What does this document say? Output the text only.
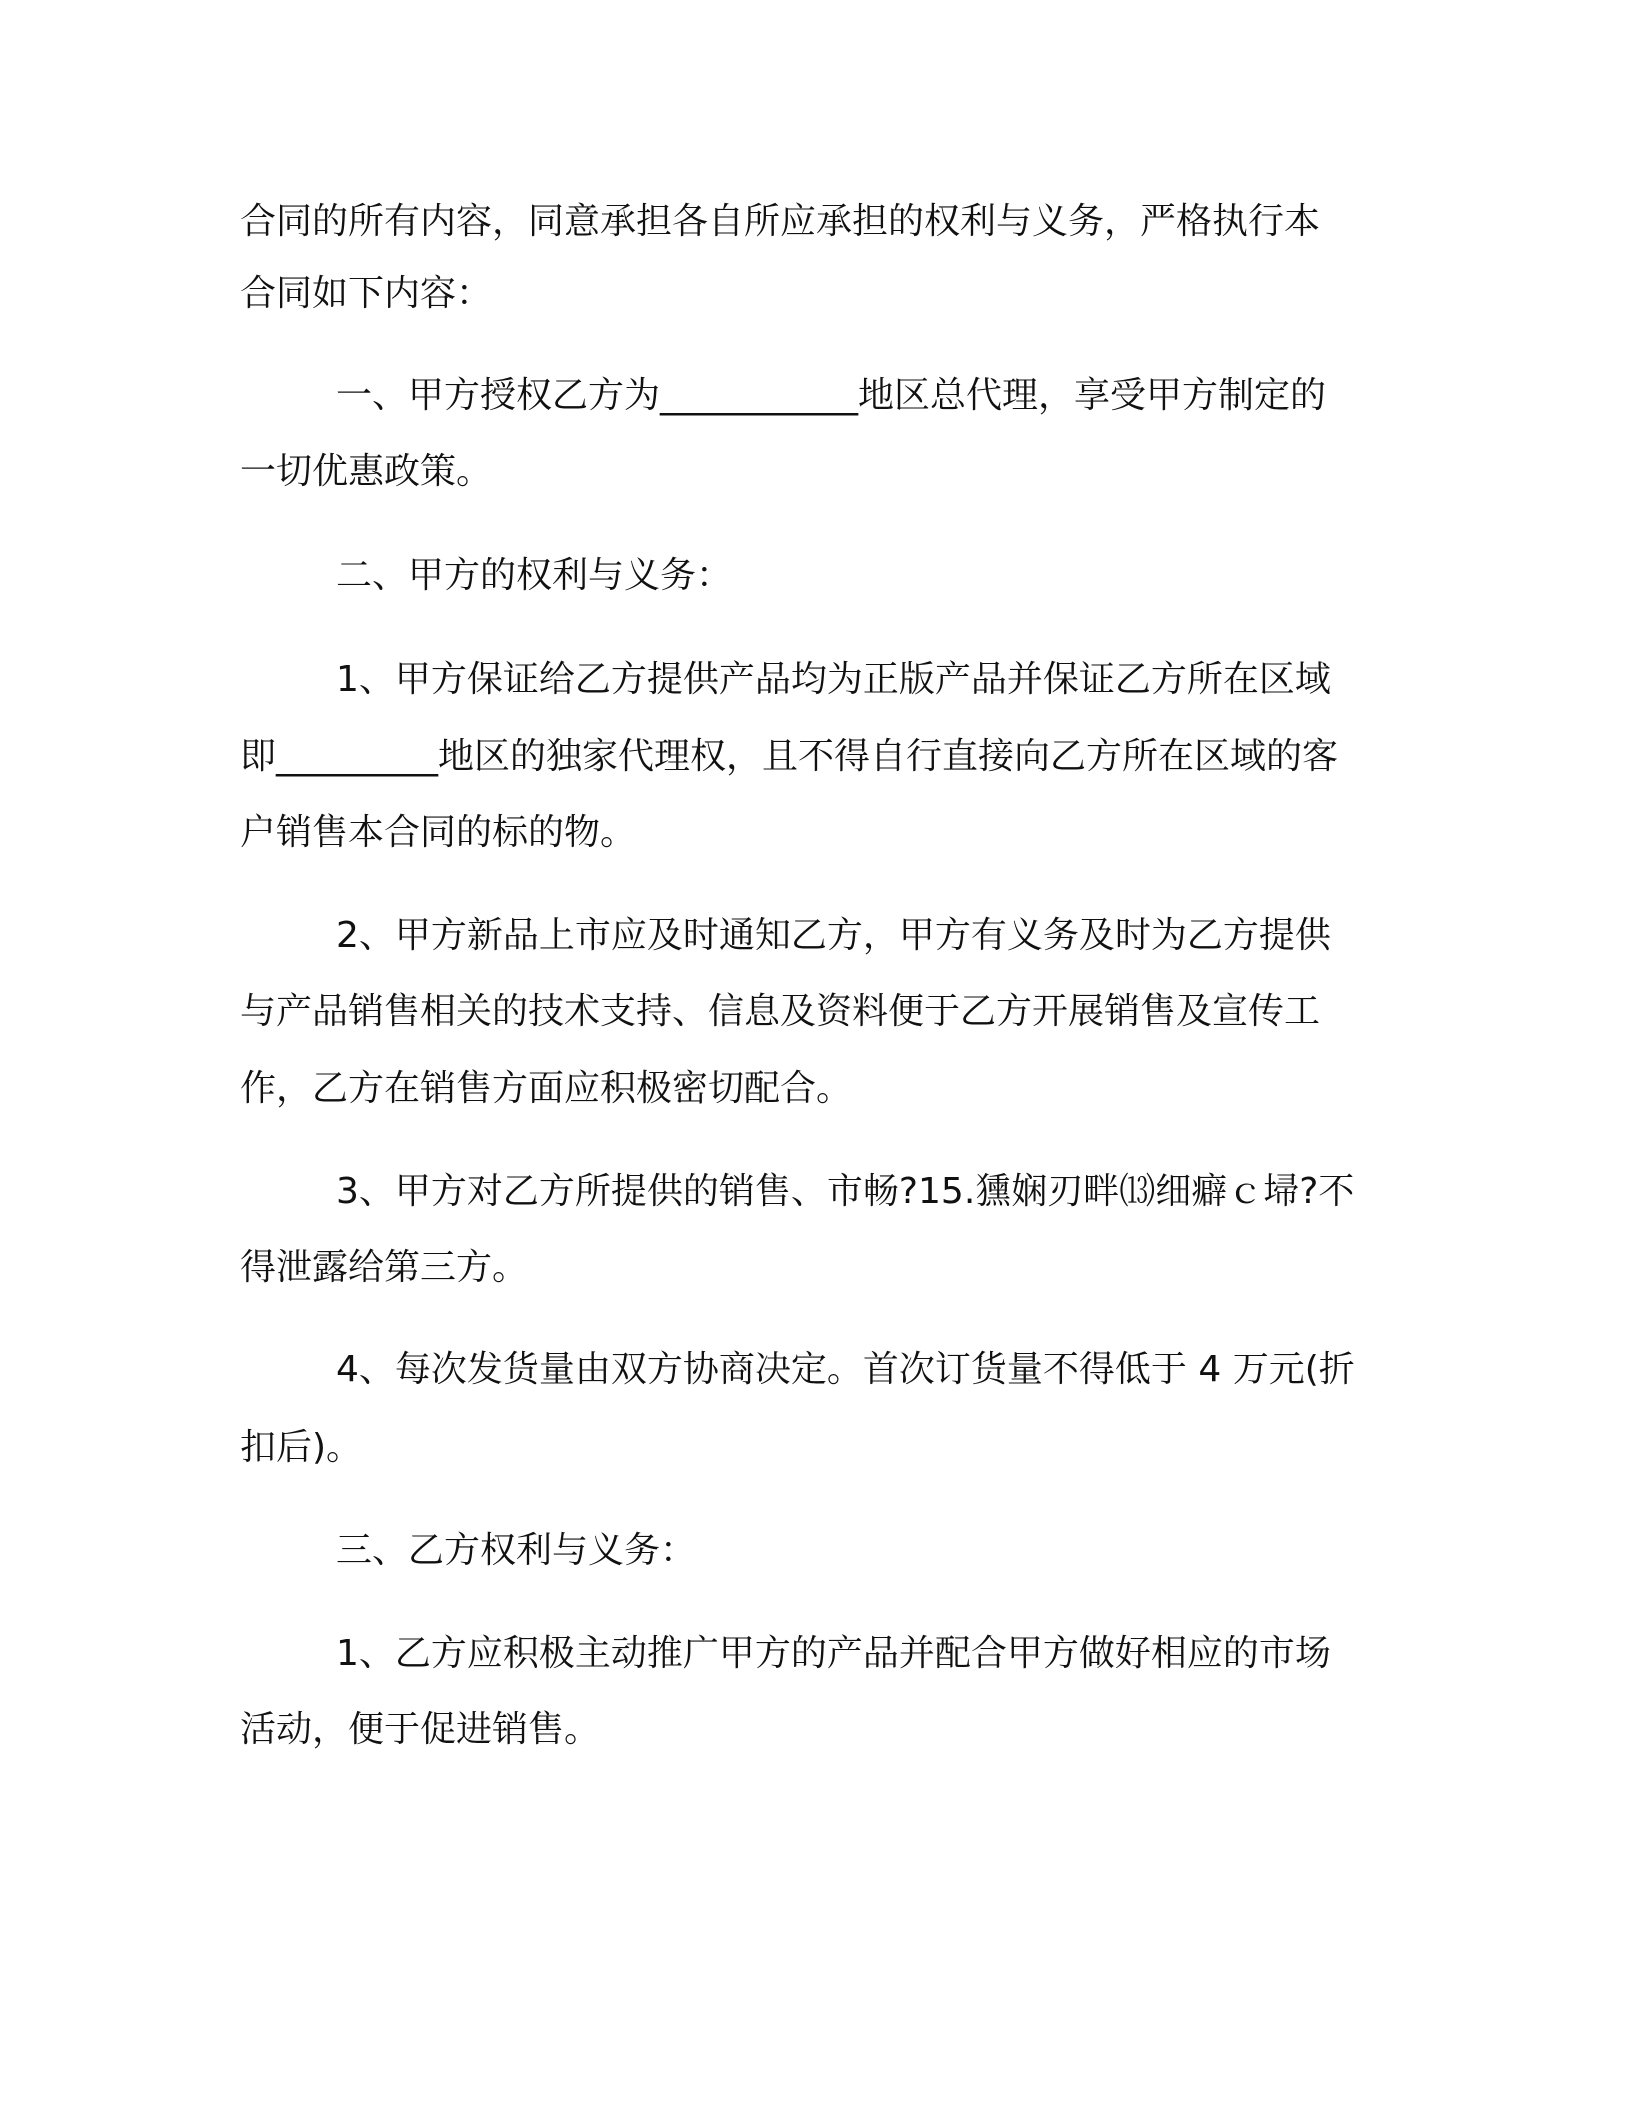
合同的所有内容，同意承担各自所应承担的权利与义务，严格执行本

合同如下内容：

一、甲方授权乙方为___________地区总代理，享受甲方制定的

一切优惠政策。

二、甲方的权利与义务：

1、甲方保证给乙方提供产品均为正版产品并保证乙方所在区域

即_________地区的独家代理权，且不得自行直接向乙方所在区域的客

户销售本合同的标的物。

2、甲方新品上市应及时通知乙方，甲方有义务及时为乙方提供

与产品销售相关的技术支持、信息及资料便于乙方开展销售及宣传工

作，乙方在销售方面应积极密切配合。

3、甲方对乙方所提供的销售、市畅?15.獯娴刃畔⒀细癖ｃ埽?不

得泄露给第三方。

4、每次发货量由双方协商决定。首次订货量不得低于 4 万元(折

扣后)。

三、乙方权利与义务：

1、乙方应积极主动推广甲方的产品并配合甲方做好相应的市场

活动，便于促进销售。
